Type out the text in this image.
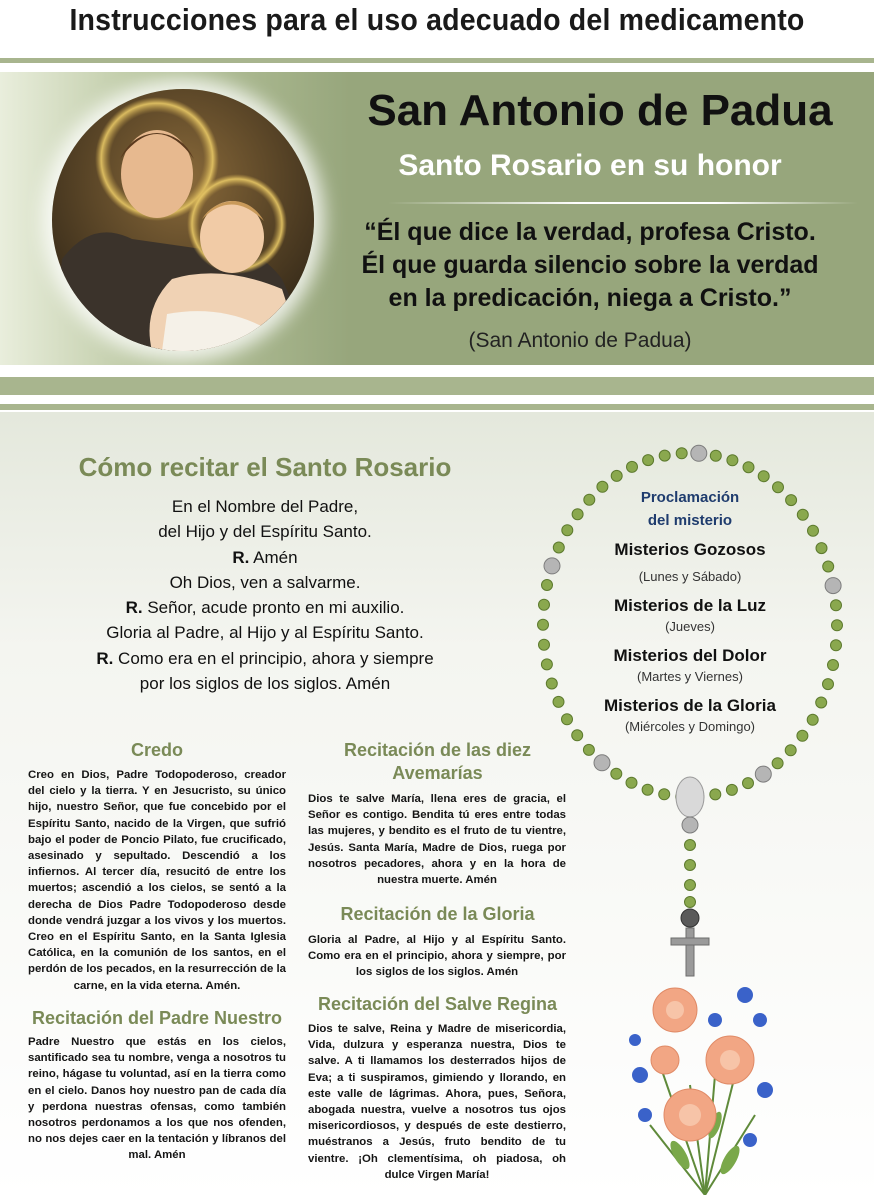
Instrucciones para el uso adecuado del medicamento
San Antonio de Padua
Santo Rosario en su honor
“Él que dice la verdad, profesa Cristo.
Él que guarda silencio sobre la verdad
en la predicación, niega a Cristo.”
(San Antonio de Padua)
Cómo recitar el Santo Rosario
En el Nombre del Padre,
del Hijo y del Espíritu Santo.
R. Amén
Oh Dios, ven a salvarme.
R. Señor, acude pronto en mi auxilio.
Gloria al Padre, al Hijo y al Espíritu Santo.
R. Como era en el principio, ahora y siempre
por los siglos de los siglos. Amén
Credo
Creo en Dios, Padre Todopoderoso, creador del cielo y la tierra. Y en Jesucristo, su único hijo, nuestro Señor, que fue concebido por el Espíritu Santo, nacido de la Virgen, que sufrió bajo el poder de Poncio Pilato, fue crucificado, asesinado y sepultado. Descendió a los infiernos. Al tercer día, resucitó de entre los muertos; ascendió a los cielos, se sentó a la derecha de Dios Padre Todopoderoso desde donde vendrá juzgar a los vivos y los muertos. Creo en el Espíritu Santo, en la Santa Iglesia Católica, en la comunión de los santos, en el perdón de los pecados, en la resurrección de la carne, en la vida eterna. Amén.
Recitación del Padre Nuestro
Padre Nuestro que estás en los cielos, santificado sea tu nombre, venga a nosotros tu reino, hágase tu voluntad, así en la tierra como en el cielo. Danos hoy nuestro pan de cada día y perdona nuestras ofensas, como también nosotros perdonamos a los que nos ofenden, no nos dejes caer en la tentación y líbranos del mal. Amén
Recitación de las diez
Avemarías
Dios te salve María, llena eres de gracia, el Señor es contigo. Bendita tú eres entre todas las mujeres, y bendito es el fruto de tu vientre, Jesús. Santa María, Madre de Dios, ruega por nosotros pecadores, ahora y en la hora de nuestra muerte. Amén
Recitación de la Gloria
Gloria al Padre, al Hijo y al Espíritu Santo. Como era en el principio, ahora y siempre, por los siglos de los siglos. Amén
Recitación del Salve Regina
Dios te salve, Reina y Madre de misericordia, Vida, dulzura y esperanza nuestra, Dios te salve. A ti llamamos los desterrados hijos de Eva; a ti suspiramos, gimiendo y llorando, en este valle de lágrimas. Ahora, pues, Señora, abogada nuestra, vuelve a nosotros tus ojos misericordiosos, y después de este destierro, muéstranos a Jesús, fruto bendito de tu vientre. ¡Oh clementísima, oh piadosa, oh dulce Virgen María!
Proclamación
del misterio
Misterios Gozosos
(Lunes y Sábado)
Misterios de la Luz
(Jueves)
Misterios del Dolor
(Martes y Viernes)
Misterios de la Gloria
(Miércoles y Domingo)
